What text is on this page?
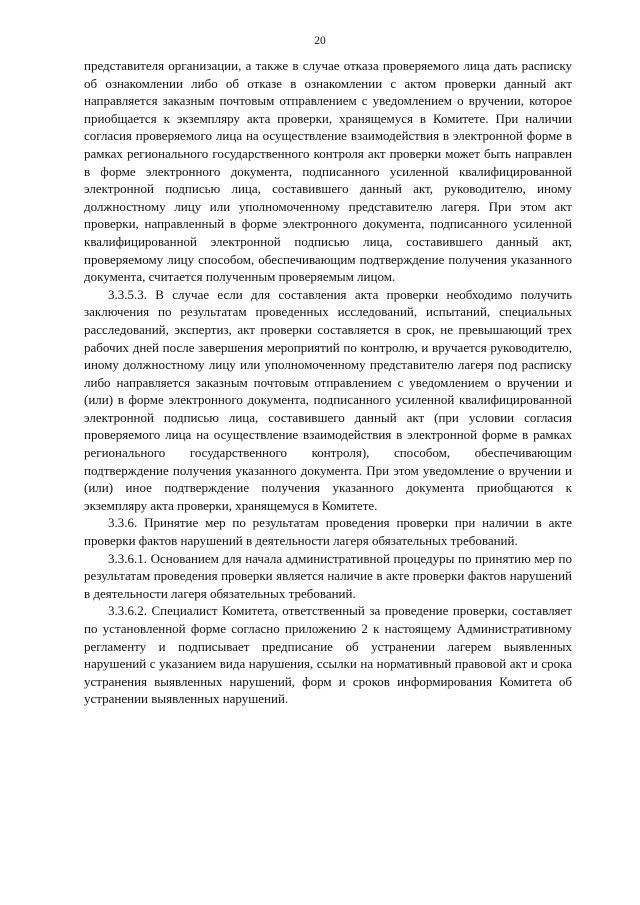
20

представителя организации, а также в случае отказа проверяемого лица дать расписку об ознакомлении либо об отказе в ознакомлении с актом проверки данный акт направляется заказным почтовым отправлением с уведомлением о вручении, которое приобщается к экземпляру акта проверки, хранящемуся в Комитете. При наличии согласия проверяемого лица на осуществление взаимодействия в электронной форме в рамках регионального государственного контроля акт проверки может быть направлен в форме электронного документа, подписанного усиленной квалифицированной электронной подписью лица, составившего данный акт, руководителю, иному должностному лицу или уполномоченному представителю лагеря. При этом акт проверки, направленный в форме электронного документа, подписанного усиленной квалифицированной электронной подписью лица, составившего данный акт, проверяемому лицу способом, обеспечивающим подтверждение получения указанного документа, считается полученным проверяемым лицом.

3.3.5.3. В случае если для составления акта проверки необходимо получить заключения по результатам проведенных исследований, испытаний, специальных расследований, экспертиз, акт проверки составляется в срок, не превышающий трех рабочих дней после завершения мероприятий по контролю, и вручается руководителю, иному должностному лицу или уполномоченному представителю лагеря под расписку либо направляется заказным почтовым отправлением с уведомлением о вручении и (или) в форме электронного документа, подписанного усиленной квалифицированной электронной подписью лица, составившего данный акт (при условии согласия проверяемого лица на осуществление взаимодействия в электронной форме в рамках регионального государственного контроля), способом, обеспечивающим подтверждение получения указанного документа. При этом уведомление о вручении и (или) иное подтверждение получения указанного документа приобщаются к экземпляру акта проверки, хранящемуся в Комитете.

3.3.6. Принятие мер по результатам проведения проверки при наличии в акте проверки фактов нарушений в деятельности лагеря обязательных требований.

3.3.6.1. Основанием для начала административной процедуры по принятию мер по результатам проведения проверки является наличие в акте проверки фактов нарушений в деятельности лагеря обязательных требований.

3.3.6.2. Специалист Комитета, ответственный за проведение проверки, составляет по установленной форме согласно приложению 2 к настоящему Административному регламенту и подписывает предписание об устранении лагерем выявленных нарушений с указанием вида нарушения, ссылки на нормативный правовой акт и срока устранения выявленных нарушений, форм и сроков информирования Комитета об устранении выявленных нарушений.
